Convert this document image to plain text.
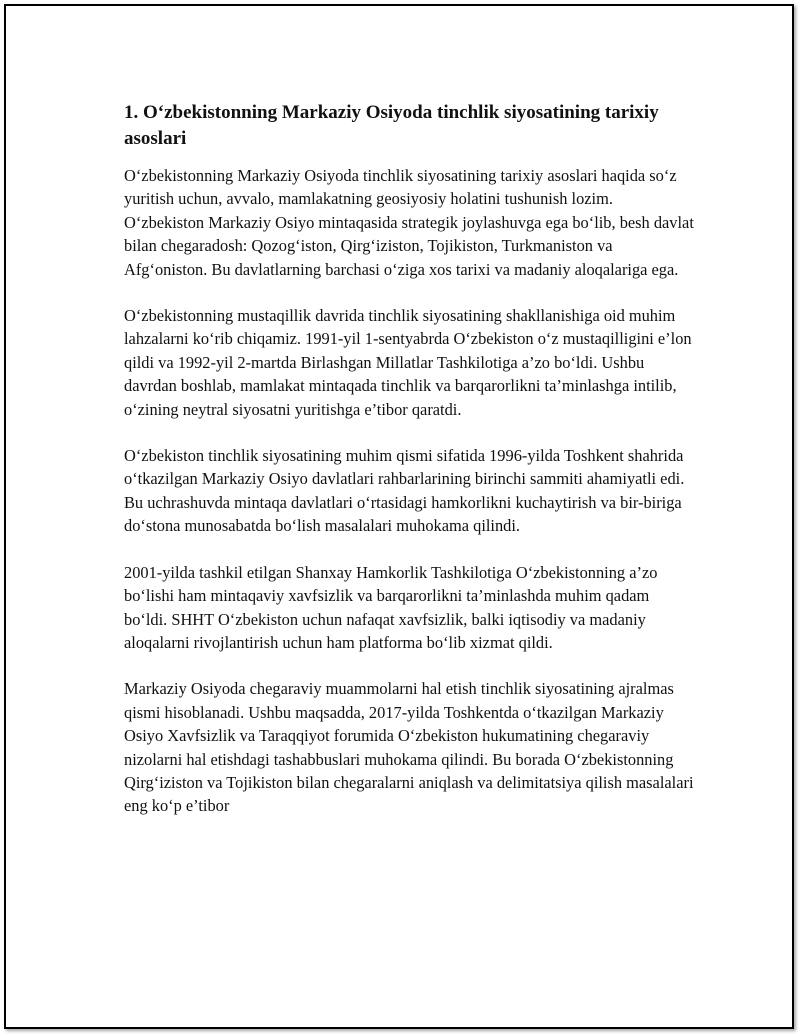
1. O‘zbekistonning Markaziy Osiyoda tinchlik siyosatining tarixiy asoslari

O‘zbekistonning Markaziy Osiyoda tinchlik siyosatining tarixiy asoslari haqida so‘z yuritish uchun, avvalo, mamlakatning geosiyosiy holatini tushunish lozim. O‘zbekiston Markaziy Osiyo mintaqasida strategik joylashuvga ega bo‘lib, besh davlat bilan chegaradosh: Qozog‘iston, Qirg‘iziston, Tojikiston, Turkmaniston va Afg‘oniston. Bu davlatlarning barchasi o‘ziga xos tarixi va madaniy aloqalariga ega.

O‘zbekistonning mustaqillik davrida tinchlik siyosatining shakllanishiga oid muhim lahzalarni ko‘rib chiqamiz. 1991-yil 1-sentyabrda O‘zbekiston o‘z mustaqilligini e’lon qildi va 1992-yil 2-martda Birlashgan Millatlar Tashkilotiga a’zo bo‘ldi. Ushbu davrdan boshlab, mamlakat mintaqada tinchlik va barqarorlikni ta’minlashga intilib, o‘zining neytral siyosatni yuritishga e’tibor qaratdi.

O‘zbekiston tinchlik siyosatining muhim qismi sifatida 1996-yilda Toshkent shahrida o‘tkazilgan Markaziy Osiyo davlatlari rahbarlarining birinchi sammiti ahamiyatli edi. Bu uchrashuvda mintaqa davlatlari o‘rtasidagi hamkorlikni kuchaytirish va bir-biriga do‘stona munosabatda bo‘lish masalalari muhokama qilindi.

2001-yilda tashkil etilgan Shanxay Hamkorlik Tashkilotiga O‘zbekistonning a’zo bo‘lishi ham mintaqaviy xavfsizlik va barqarorlikni ta’minlashda muhim qadam bo‘ldi. SHHT O‘zbekiston uchun nafaqat xavfsizlik, balki iqtisodiy va madaniy aloqalarni rivojlantirish uchun ham platforma bo‘lib xizmat qildi.

Markaziy Osiyoda chegaraviy muammolarni hal etish tinchlik siyosatining ajralmas qismi hisoblanadi. Ushbu maqsadda, 2017-yilda Toshkentda o‘tkazilgan Markaziy Osiyo Xavfsizlik va Taraqqiyot forumida O‘zbekiston hukumatining chegaraviy nizolarni hal etishdagi tashabbuslari muhokama qilindi. Bu borada O‘zbekistonning Qirg‘iziston va Tojikiston bilan chegaralarni aniqlash va delimitatsiya qilish masalalari eng ko‘p e’tibor
